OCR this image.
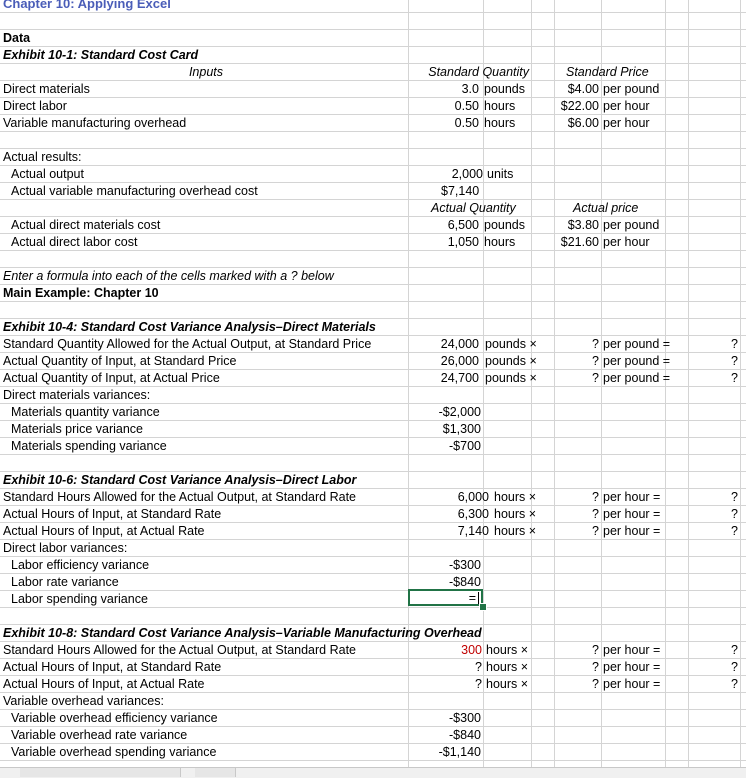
Chapter 10: Applying Excel
Data
Exhibit 10-1: Standard Cost Card
Inputs	Standard Quantity	Standard Price
Direct materials	3.0 pounds	$4.00 per pound
Direct labor	0.50 hours	$22.00 per hour
Variable manufacturing overhead	0.50 hours	$6.00 per hour
Actual results:
Actual output	2,000 units
Actual variable manufacturing overhead cost	$7,140
Actual Quantity	Actual price
Actual direct materials cost	6,500 pounds	$3.80 per pound
Actual direct labor cost	1,050 hours	$21.60 per hour
Enter a formula into each of the cells marked with a ? below
Main Example: Chapter 10
Exhibit 10-4: Standard Cost Variance Analysis–Direct Materials
Standard Quantity Allowed for the Actual Output, at Standard Price	24,000 pounds ×	? per pound =	?
Actual Quantity of Input, at Standard Price	26,000 pounds ×	? per pound =	?
Actual Quantity of Input, at Actual Price	24,700 pounds ×	? per pound =	?
Direct materials variances:
Materials quantity variance	-$2,000
Materials price variance	$1,300
Materials spending variance	-$700
Exhibit 10-6: Standard Cost Variance Analysis–Direct Labor
Standard Hours Allowed for the Actual Output, at Standard Rate	6,000 hours ×	? per hour =	?
Actual Hours of Input, at Standard Rate	6,300 hours ×	? per hour =	?
Actual Hours of Input, at Actual Rate	7,140 hours ×	? per hour =	?
Direct labor variances:
Labor efficiency variance	-$300
Labor rate variance	-$840
Labor spending variance	=
Exhibit 10-8: Standard Cost Variance Analysis–Variable Manufacturing Overhead
Standard Hours Allowed for the Actual Output, at Standard Rate	300 hours ×	? per hour =	?
Actual Hours of Input, at Standard Rate	? hours ×	? per hour =	?
Actual Hours of Input, at Actual Rate	? hours ×	? per hour =	?
Variable overhead variances:
Variable overhead efficiency variance	-$300
Variable overhead rate variance	-$840
Variable overhead spending variance	-$1,140
